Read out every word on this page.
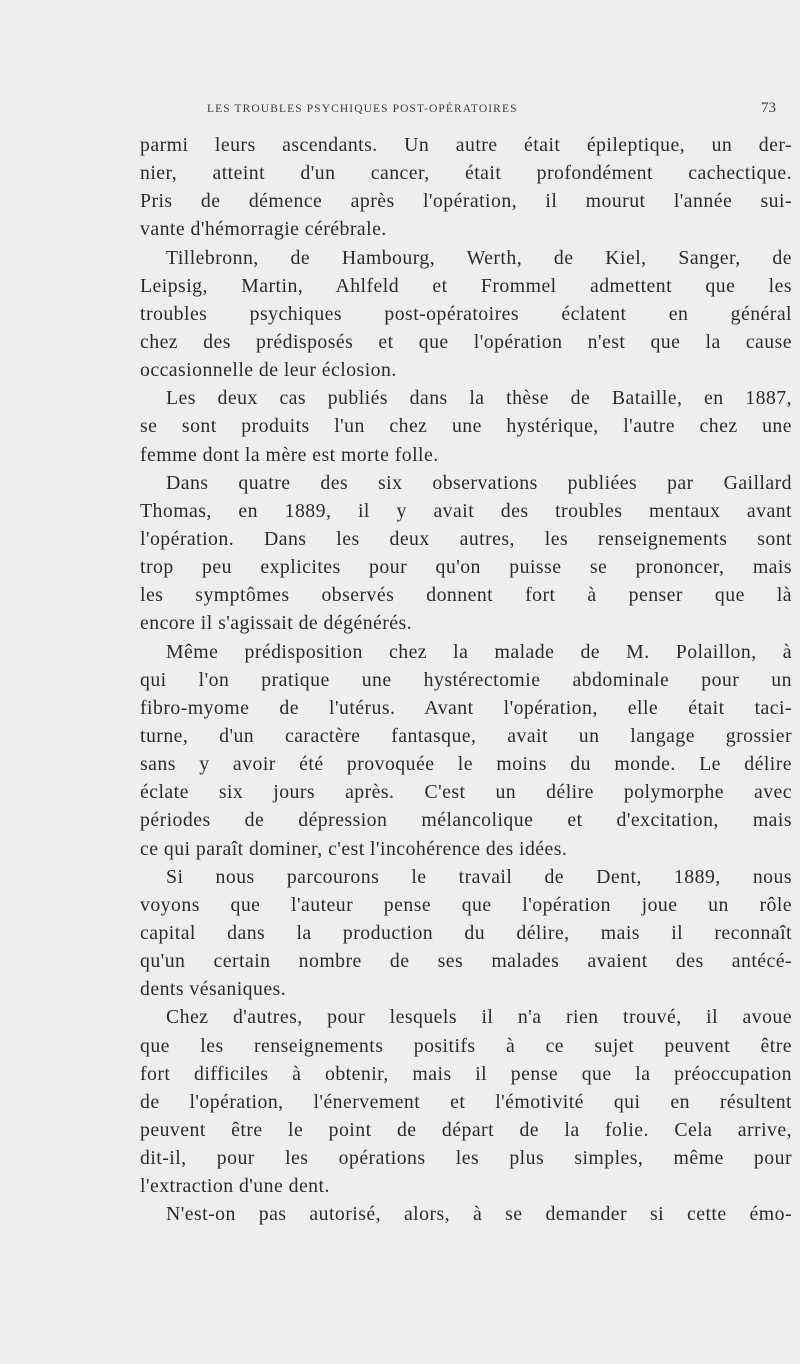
LES TROUBLES PSYCHIQUES POST-OPÉRATOIRES	73
parmi leurs ascendants. Un autre était épileptique, un der-
nier, atteint d'un cancer, était profondément cachectique.
Pris de démence après l'opération, il mourut l'année sui-
vante d'hémorragie cérébrale.
Tillebronn, de Hambourg, Werth, de Kiel, Sanger, de
Leipsig, Martin, Ahlfeld et Frommel admettent que les
troubles psychiques post-opératoires éclatent en général
chez des prédisposés et que l'opération n'est que la cause
occasionnelle de leur éclosion.
Les deux cas publiés dans la thèse de Bataille, en 1887,
se sont produits l'un chez une hystérique, l'autre chez une
femme dont la mère est morte folle.
Dans quatre des six observations publiées par Gaillard
Thomas, en 1889, il y avait des troubles mentaux avant
l'opération. Dans les deux autres, les renseignements sont
trop peu explicites pour qu'on puisse se prononcer, mais
les symptômes observés donnent fort à penser que là
encore il s'agissait de dégénérés.
Même prédisposition chez la malade de M. Polaillon, à
qui l'on pratique une hystérectomie abdominale pour un
fibro-myome de l'utérus. Avant l'opération, elle était taci-
turne, d'un caractère fantasque, avait un langage grossier
sans y avoir été provoquée le moins du monde. Le délire
éclate six jours après. C'est un délire polymorphe avec
périodes de dépression mélancolique et d'excitation, mais
ce qui paraît dominer, c'est l'incohérence des idées.
Si nous parcourons le travail de Dent, 1889, nous
voyons que l'auteur pense que l'opération joue un rôle
capital dans la production du délire, mais il reconnaît
qu'un certain nombre de ses malades avaient des antécé-
dents vésaniques.
Chez d'autres, pour lesquels il n'a rien trouvé, il avoue
que les renseignements positifs à ce sujet peuvent être
fort difficiles à obtenir, mais il pense que la préoccupation
de l'opération, l'énervement et l'émotivité qui en résultent
peuvent être le point de départ de la folie. Cela arrive,
dit-il, pour les opérations les plus simples, même pour
l'extraction d'une dent.
N'est-on pas autorisé, alors, à se demander si cette émo-
